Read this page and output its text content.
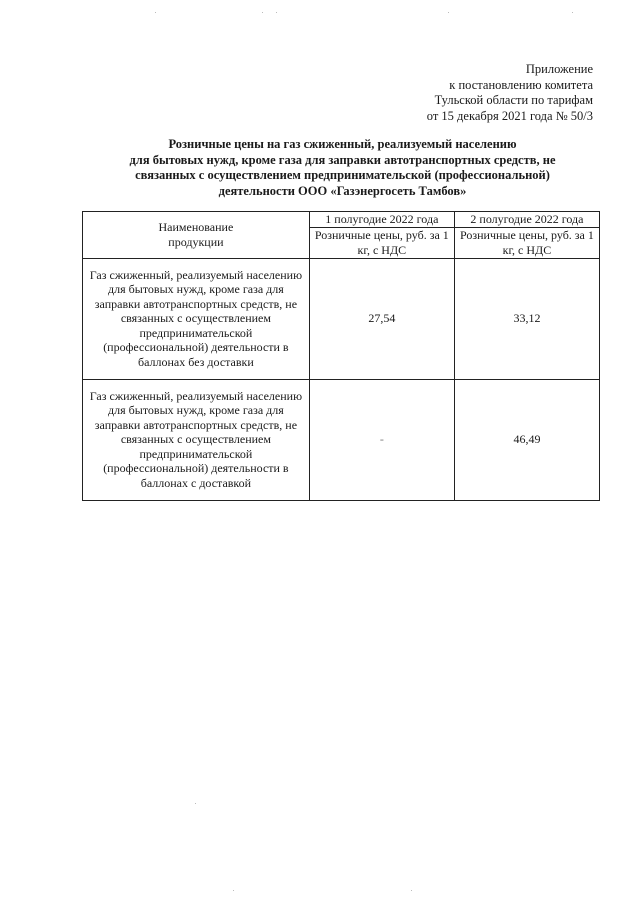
Приложение
к постановлению комитета
Тульской области по тарифам
от 15 декабря 2021 года № 50/3
Розничные цены на газ сжиженный, реализуемый населению
для бытовых нужд, кроме газа для заправки автотранспортных средств, не
связанных с осуществлением предпринимательской (профессиональной)
деятельности ООО «Газэнергосеть Тамбов»
Наименование продукции	1 полугодие 2022 года	2 полугодие 2022 года
	Розничные цены, руб. за 1 кг, с НДС	Розничные цены, руб. за 1 кг, с НДС
Газ сжиженный, реализуемый населению для бытовых нужд, кроме газа для заправки автотранспортных средств, не связанных с осуществлением предпринимательской (профессиональной) деятельности в баллонах без доставки	27,54	33,12
Газ сжиженный, реализуемый населению для бытовых нужд, кроме газа для заправки автотранспортных средств, не связанных с осуществлением предпринимательской (профессиональной) деятельности в баллонах с доставкой	-	46,49
